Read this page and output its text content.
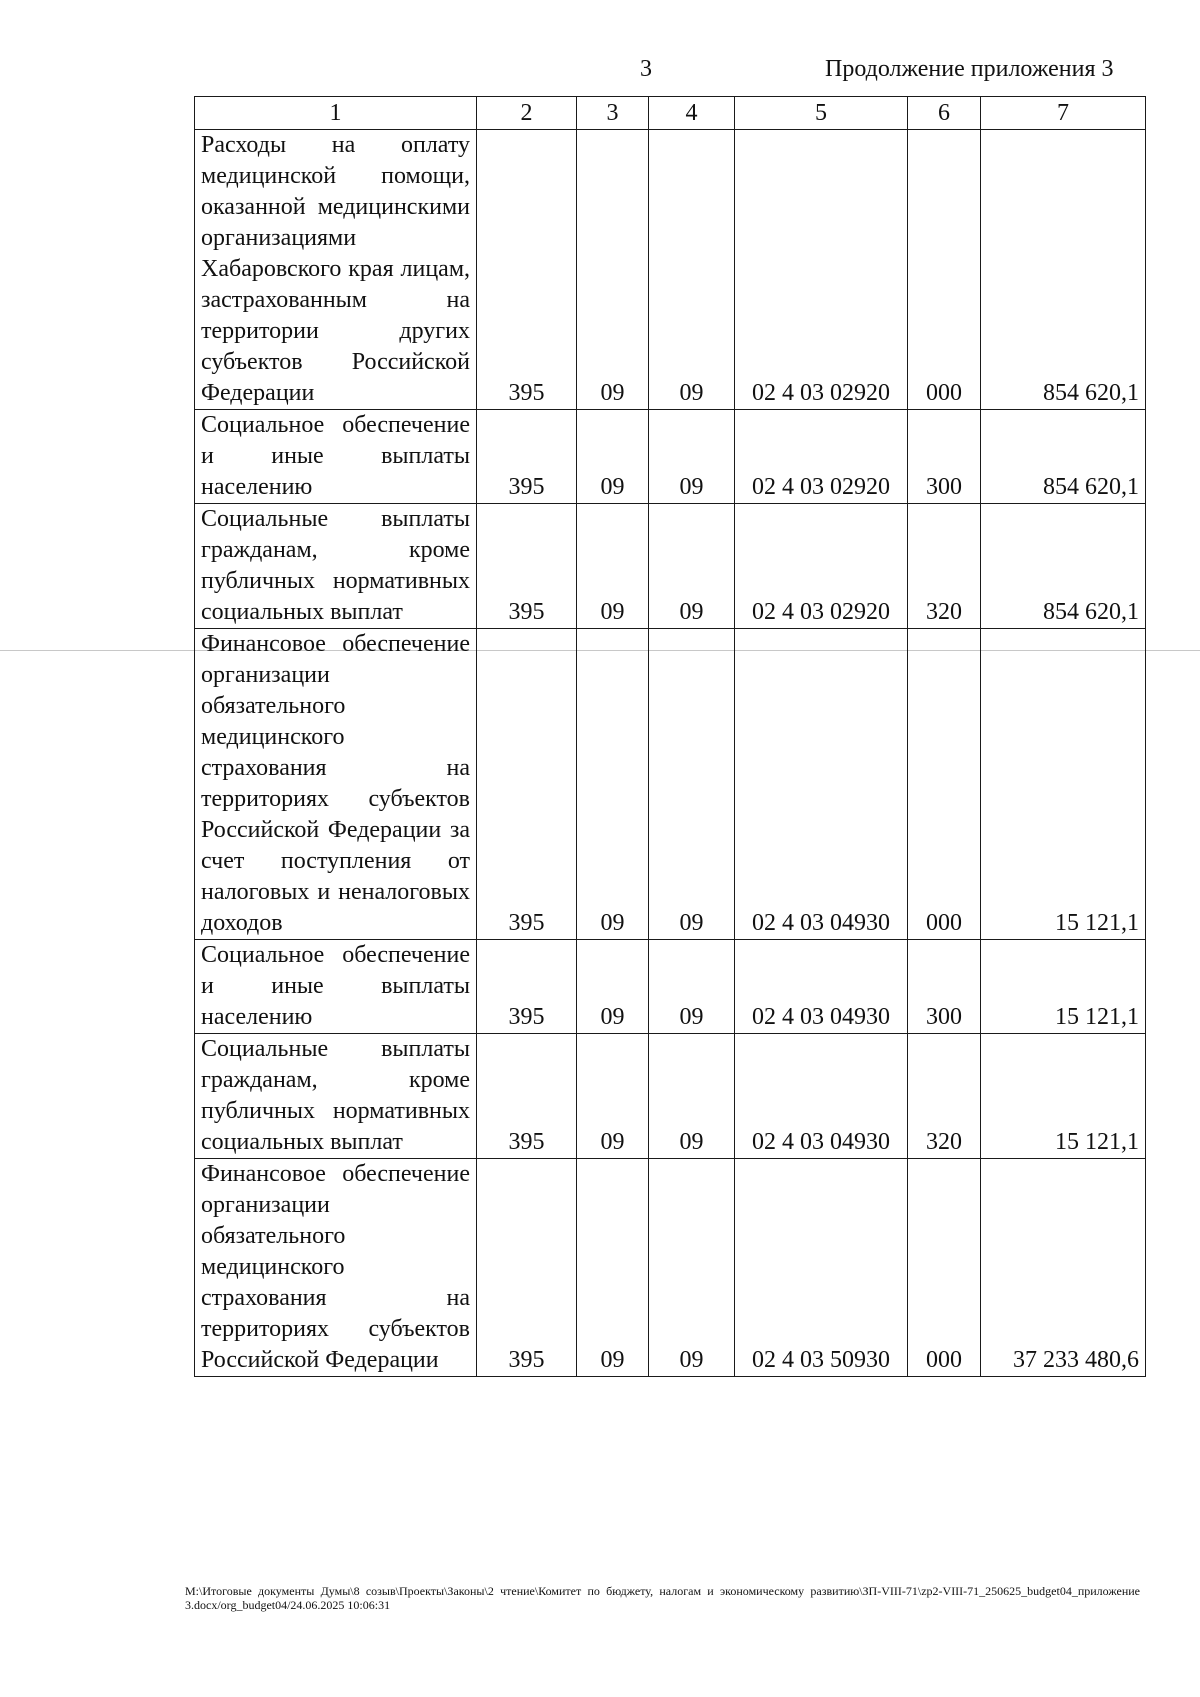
3	Продолжение приложения 3
1	2	3	4	5	6	7
Расходы на оплату медицинской помощи, оказанной медицинскими организациями Хабаровского края лицам, застрахованным на территории других субъектов Российской Федерации	395	09	09	02 4 03 02920	000	854 620,1
Социальное обеспечение и иные выплаты населению	395	09	09	02 4 03 02920	300	854 620,1
Социальные выплаты гражданам, кроме публичных нормативных социальных выплат	395	09	09	02 4 03 02920	320	854 620,1
Финансовое обеспечение организации обязательного медицинского страхования на территориях субъектов Российской Федерации за счет поступления от налоговых и неналоговых доходов	395	09	09	02 4 03 04930	000	15 121,1
Социальное обеспечение и иные выплаты населению	395	09	09	02 4 03 04930	300	15 121,1
Социальные выплаты гражданам, кроме публичных нормативных социальных выплат	395	09	09	02 4 03 04930	320	15 121,1
Финансовое обеспечение организации обязательного медицинского страхования на территориях субъектов Российской Федерации	395	09	09	02 4 03 50930	000	37 233 480,6
M:\Итоговые документы Думы\8 созыв\Проекты\Законы\2 чтение\Комитет по бюджету, налогам и экономическому развитию\ЗП-VIII-71\zp2-VIII-71_250625_budget04_приложение 3.docx/org_budget04/24.06.2025 10:06:31
